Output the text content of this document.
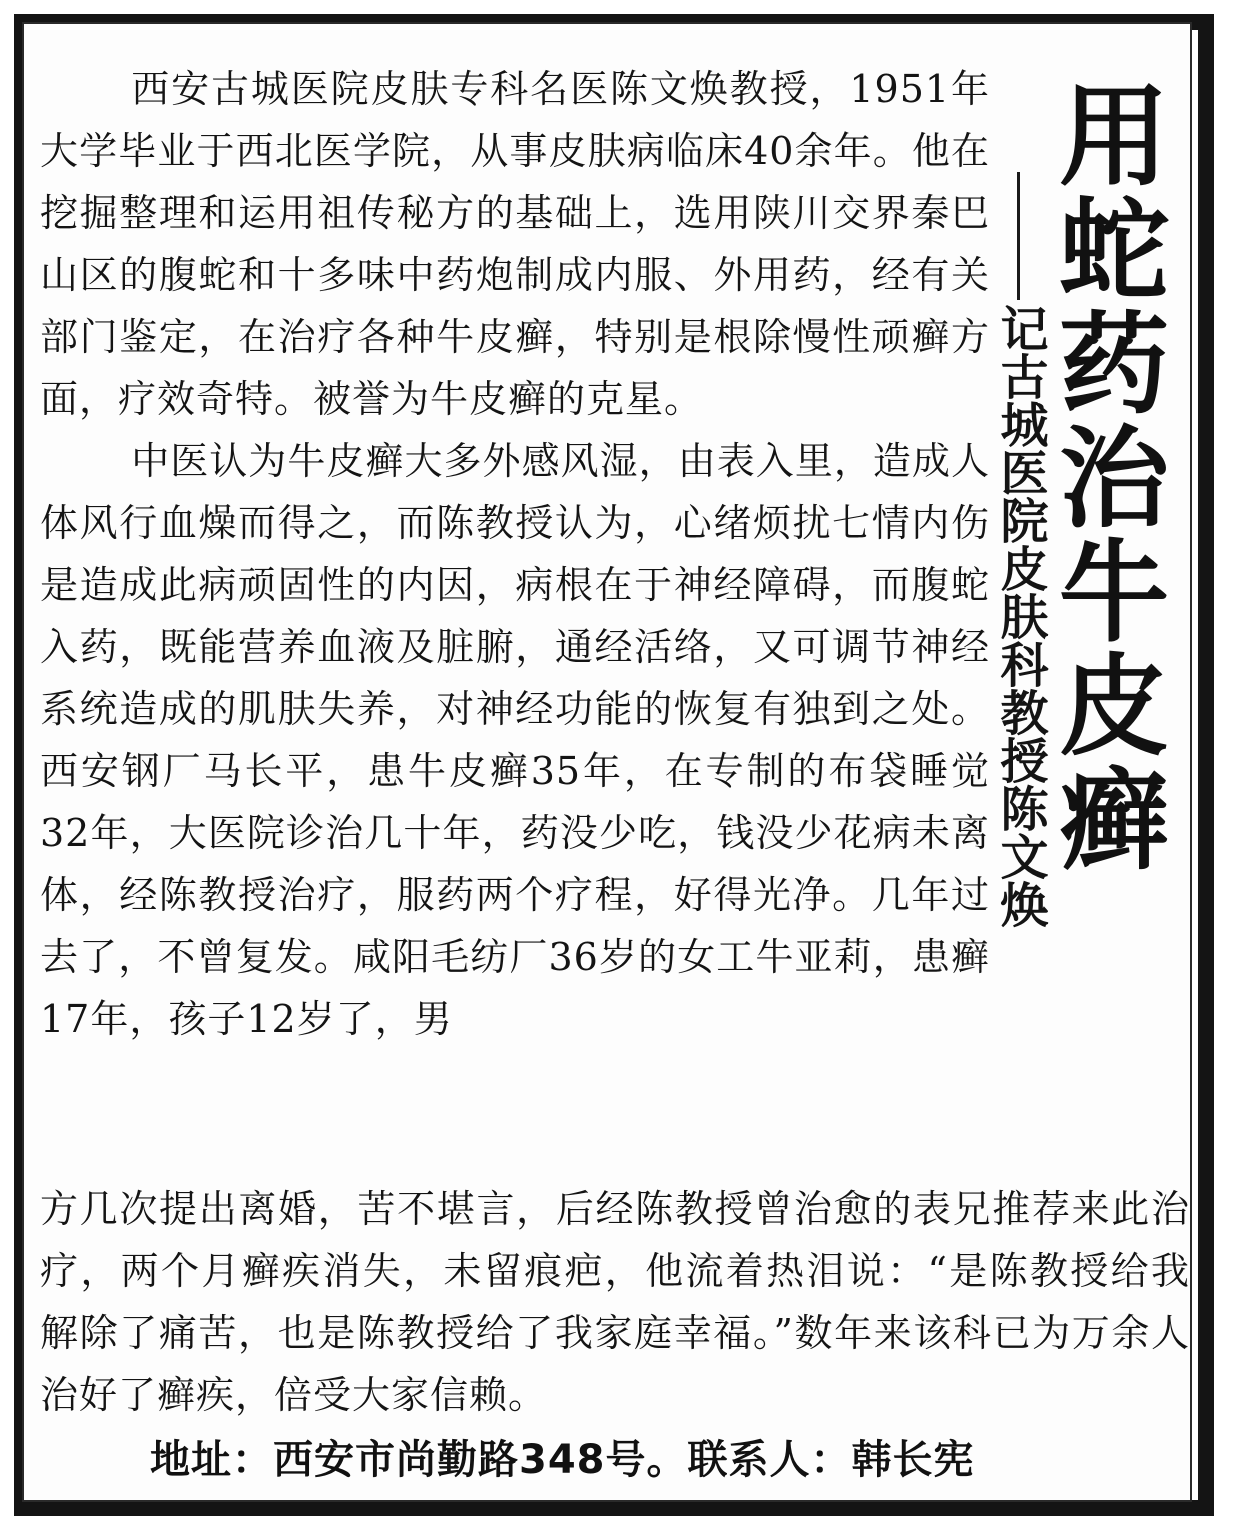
西安古城医院皮肤专科名医陈文焕教授，1951年大学毕业于西北医学院，从事皮肤病临床40余年。他在挖掘整理和运用祖传秘方的基础上，选用陕川交界秦巴山区的腹蛇和十多味中药炮制成内服、外用药，经有关部门鉴定，在治疗各种牛皮癣，特别是根除慢性顽癣方面，疗效奇特。被誉为牛皮癣的克星。

中医认为牛皮癣大多外感风湿，由表入里，造成人体风行血燥而得之，而陈教授认为，心绪烦扰七情内伤是造成此病顽固性的内因，病根在于神经障碍，而腹蛇入药，既能营养血液及脏腑，通经活络，又可调节神经系统造成的肌肤失养，对神经功能的恢复有独到之处。西安钢厂马长平，患牛皮癣35年，在专制的布袋睡觉32年，大医院诊治几十年，药没少吃，钱没少花病未离体，经陈教授治疗，服药两个疗程，好得光净。几年过去了，不曾复发。咸阳毛纺厂36岁的女工牛亚莉，患癣17年，孩子12岁了，男

方几次提出离婚，苦不堪言，后经陈教授曾治愈的表兄推荐来此治疗，两个月癣疾消失，未留痕疤，他流着热泪说：“是陈教授给我解除了痛苦，也是陈教授给了我家庭幸福。”数年来该科已为万余人治好了癣疾，倍受大家信赖。
用蛇药治牛皮癣
记古城医院皮肤科教授陈文焕
地址：西安市尚勤路348号。联系人：韩长宪
